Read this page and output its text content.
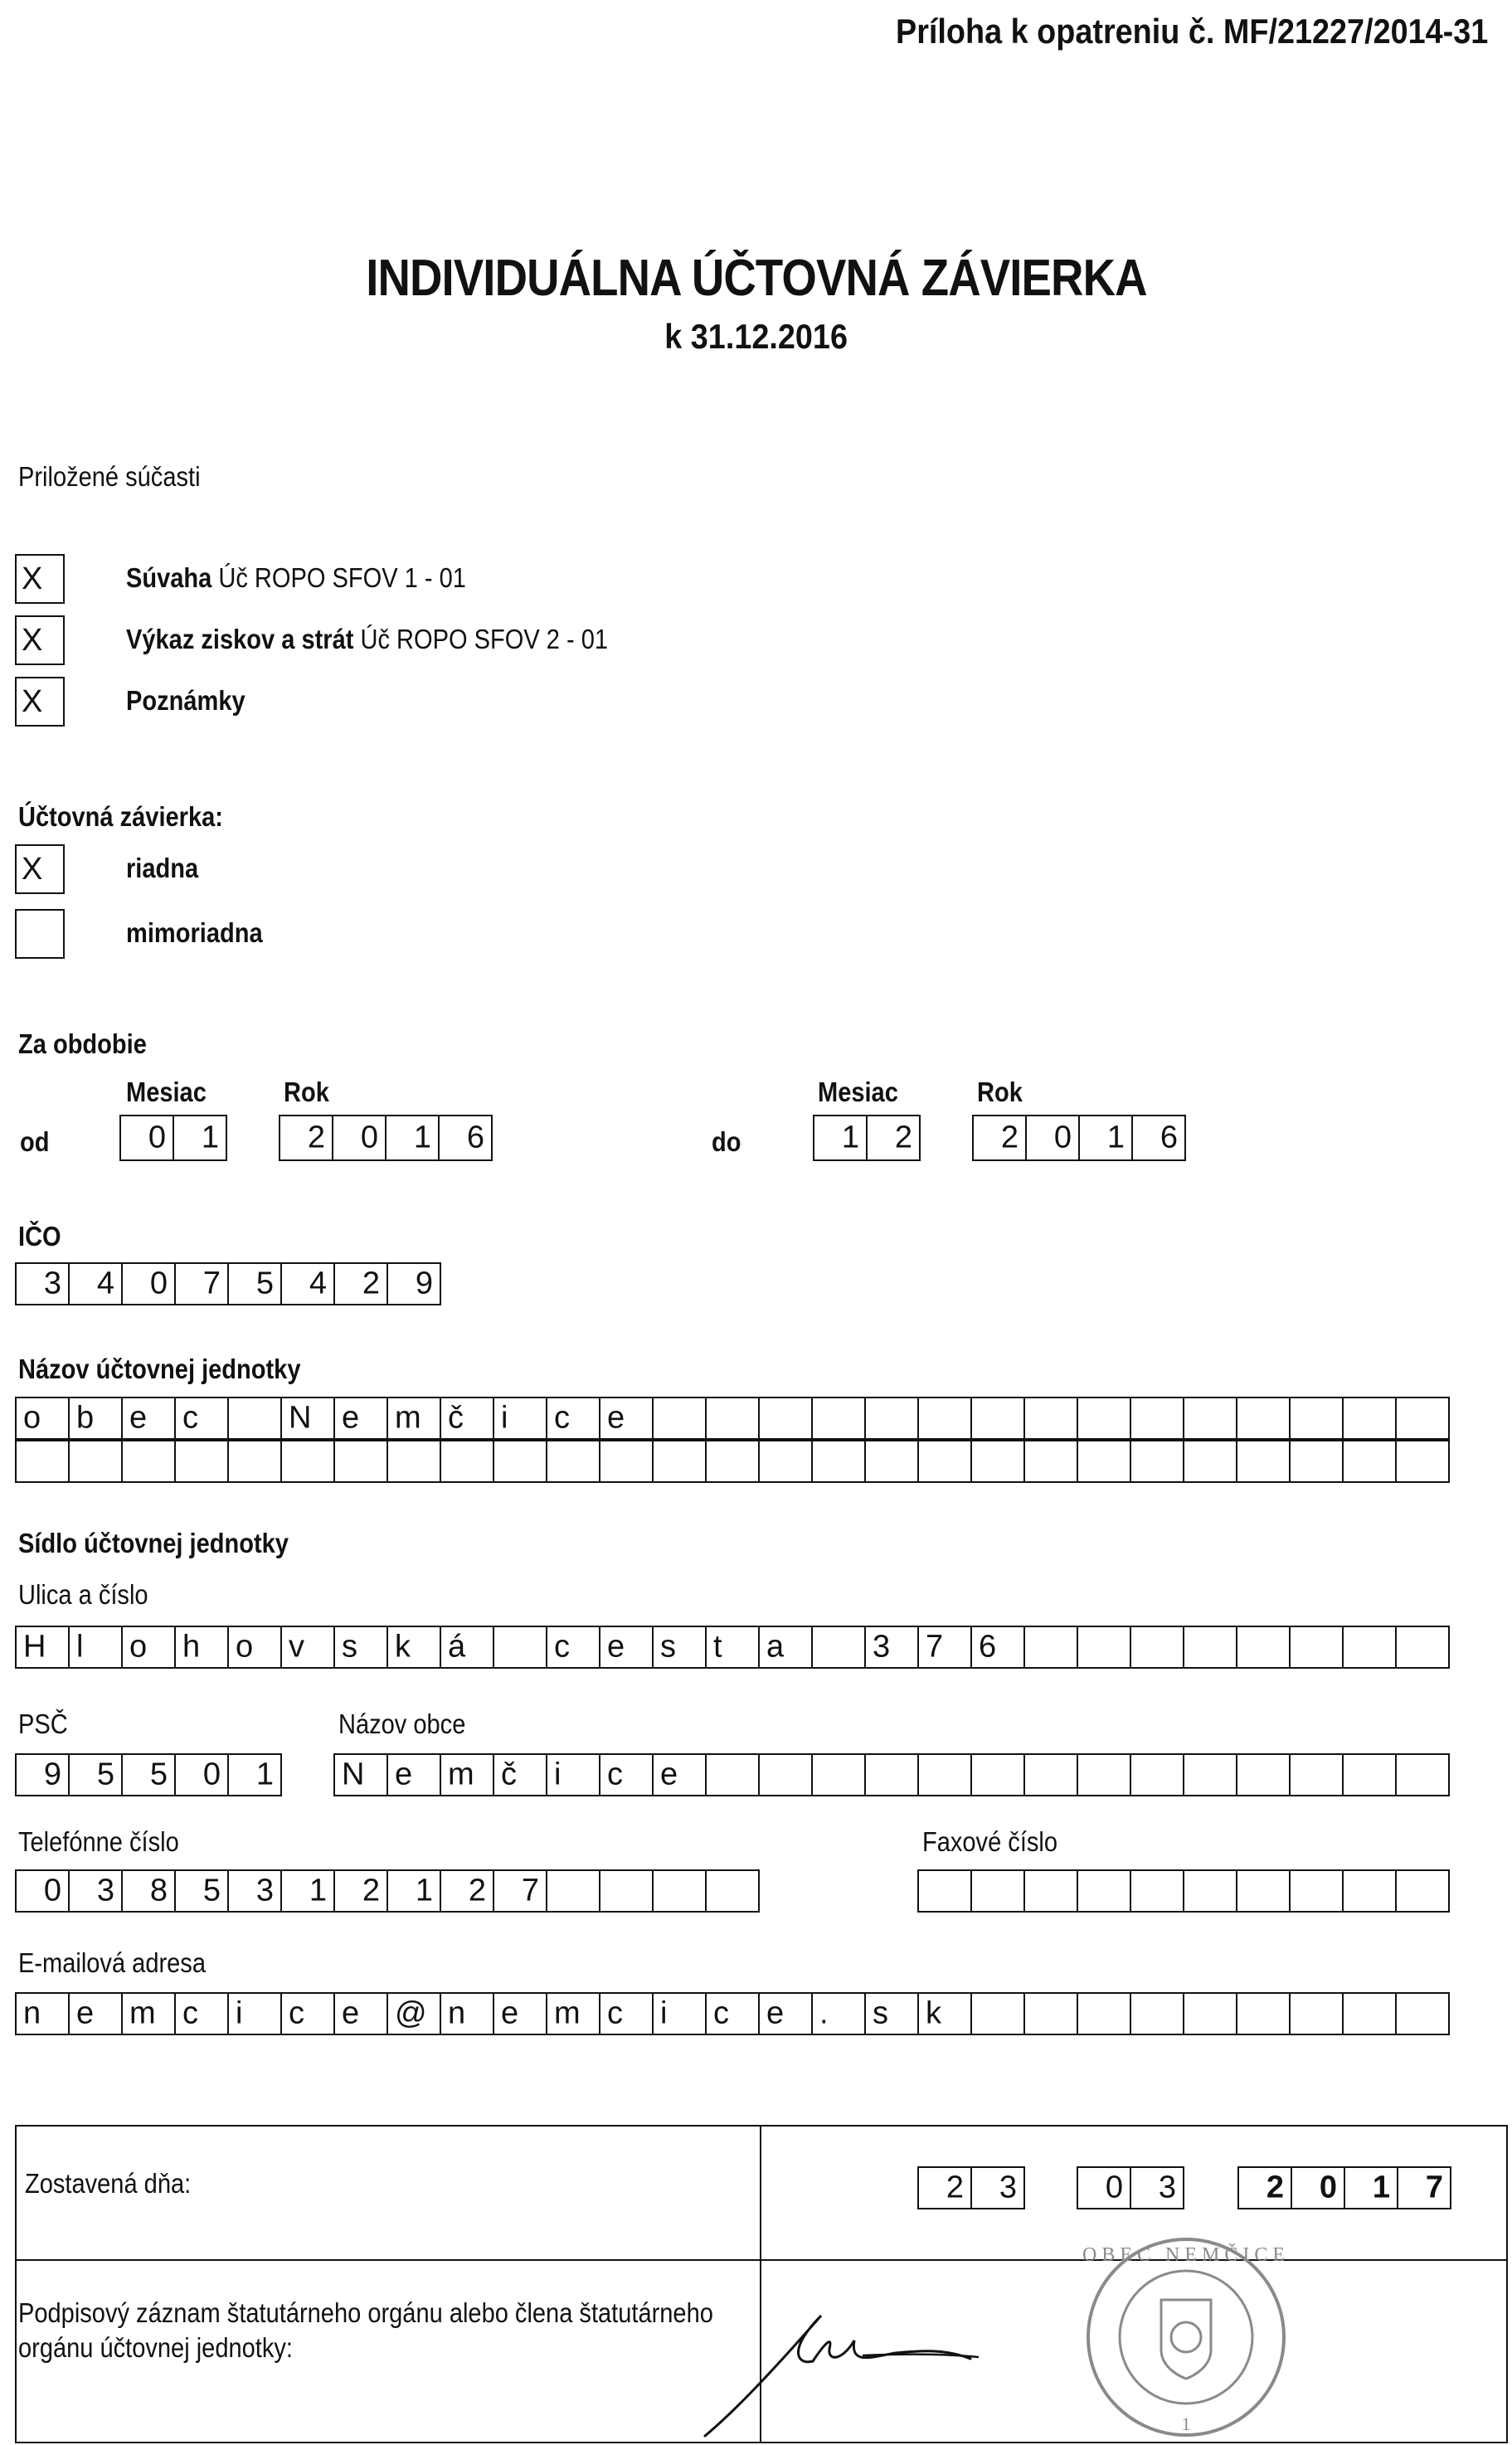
Príloha k opatreniu č. MF/21227/2014-31
INDIVIDUÁLNA ÚČTOVNÁ ZÁVIERKA
k 31.12.2016
Priložené súčasti
X	Súvaha Úč ROPO SFOV 1 - 01
X	Výkaz ziskov a strát Úč ROPO SFOV 2 - 01
X	Poznámky
Účtovná závierka:
X	riadna
mimoriadna
Za obdobie
Mesiac	Rok	Mesiac	Rok
od	do
0 1	2 0 1 6	1 2	2 0 1 6
IČO
3 4 0 7 5 4 2 9
Názov účtovnej jednotky
o b e c	N e m č i c e
Sídlo účtovnej jednotky
Ulica a číslo
H l o h o v s k á	c e s t a	3 7 6
PSČ	Názov obce
9 5 5 0 1 N e m č i c e
Telefónne číslo	Faxové číslo
0 3 8 5 3 1 2 1 2 7
E-mailová adresa
n e m c i c e @ n e m c i c e . s k
Zostavená dňa:	2 3	0 3	2 0 1 7
Podpisový záznam štatutárneho orgánu alebo člena štatutárneho
orgánu účtovnej jednotky:
OBEC NEMČICE
1
